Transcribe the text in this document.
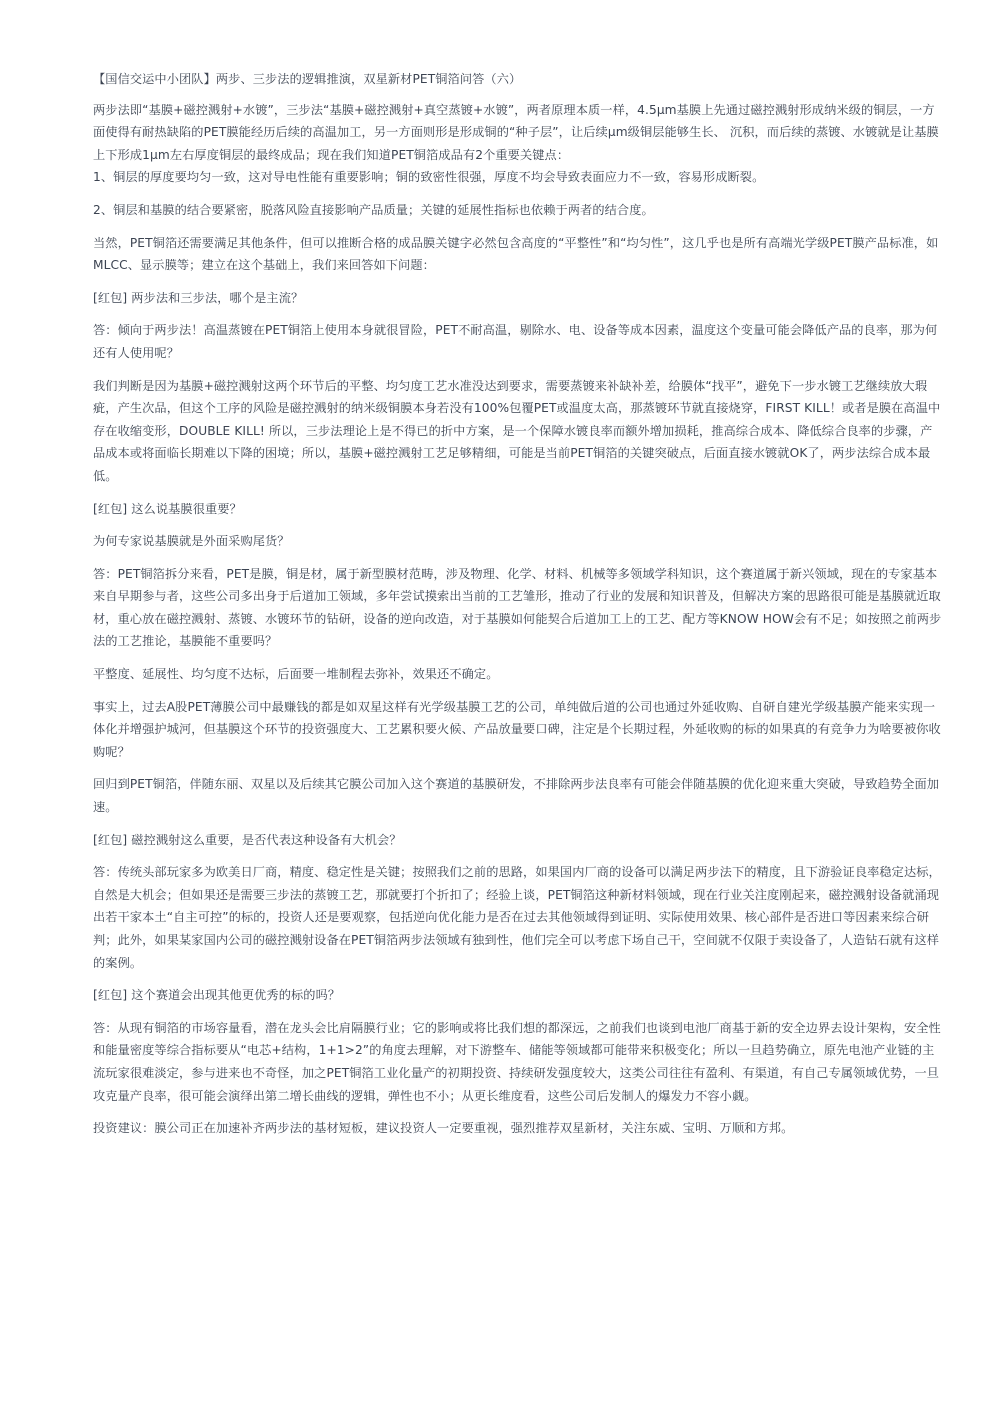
【国信交运中小团队】两步、三步法的逻辑推演，双星新材PET铜箔问答（六）

两步法即“基膜+磁控溅射+水镀”，三步法“基膜+磁控溅射+真空蒸镀+水镀”，两者原理本质一样，4.5μm基膜上先通过磁控溅射形成纳米级的铜层，一方面使得有耐热缺陷的PET膜能经历后续的高温加工，另一方面则形是形成铜的“种子层”，让后续μm级铜层能够生长、 沉积，而后续的蒸镀、水镀就是让基膜上下形成1μm左右厚度铜层的最终成品；现在我们知道PET铜箔成品有2个重要关键点：

1、铜层的厚度要均匀一致，这对导电性能有重要影响；铜的致密性很强，厚度不均会导致表面应力不一致，容易形成断裂。

2、铜层和基膜的结合要紧密，脱落风险直接影响产品质量；关键的延展性指标也依赖于两者的结合度。

当然，PET铜箔还需要满足其他条件，但可以推断合格的成品膜关键字必然包含高度的“平整性”和“均匀性”，这几乎也是所有高端光学级PET膜产品标准，如MLCC、显示膜等；建立在这个基础上，我们来回答如下问题：

[红包] 两步法和三步法，哪个是主流？

答：倾向于两步法！高温蒸镀在PET铜箔上使用本身就很冒险，PET不耐高温，剔除水、电、设备等成本因素，温度这个变量可能会降低产品的良率，那为何还有人使用呢？

我们判断是因为基膜+磁控溅射这两个环节后的平整、均匀度工艺水准没达到要求，需要蒸镀来补缺补差，给膜体“找平”，避免下一步水镀工艺继续放大瑕疵，产生次品，但这个工序的风险是磁控溅射的纳米级铜膜本身若没有100%包覆PET或温度太高，那蒸镀环节就直接烧穿，FIRST KILL！或者是膜在高温中存在收缩变形，DOUBLE KILL! 所以，三步法理论上是不得已的折中方案，是一个保障水镀良率而额外增加损耗，推高综合成本、降低综合良率的步骤，产品成本或将面临长期难以下降的困境；所以，基膜+磁控溅射工艺足够精细，可能是当前PET铜箔的关键突破点，后面直接水镀就OK了，两步法综合成本最低。

[红包] 这么说基膜很重要？

为何专家说基膜就是外面采购尾货？

答：PET铜箔拆分来看，PET是膜，铜是材，属于新型膜材范畴，涉及物理、化学、材料、机械等多领域学科知识，这个赛道属于新兴领域，现在的专家基本来自早期参与者，这些公司多出身于后道加工领域，多年尝试摸索出当前的工艺雏形，推动了行业的发展和知识普及，但解决方案的思路很可能是基膜就近取材，重心放在磁控溅射、蒸镀、水镀环节的钻研，设备的逆向改造，对于基膜如何能契合后道加工上的工艺、配方等KNOW HOW会有不足；如按照之前两步法的工艺推论，基膜能不重要吗？

平整度、延展性、均匀度不达标，后面要一堆制程去弥补，效果还不确定。

事实上，过去A股PET薄膜公司中最赚钱的都是如双星这样有光学级基膜工艺的公司，单纯做后道的公司也通过外延收购、自研自建光学级基膜产能来实现一体化并增强护城河，但基膜这个环节的投资强度大、工艺累积要火候、产品放量要口碑，注定是个长期过程，外延收购的标的如果真的有竞争力为啥要被你收购呢？

回归到PET铜箔，伴随东丽、双星以及后续其它膜公司加入这个赛道的基膜研发，不排除两步法良率有可能会伴随基膜的优化迎来重大突破，导致趋势全面加速。

[红包] 磁控溅射这么重要，是否代表这种设备有大机会？

答：传统头部玩家多为欧美日厂商，精度、稳定性是关键；按照我们之前的思路，如果国内厂商的设备可以满足两步法下的精度，且下游验证良率稳定达标，自然是大机会；但如果还是需要三步法的蒸镀工艺，那就要打个折扣了；经验上谈，PET铜箔这种新材料领域，现在行业关注度刚起来，磁控溅射设备就涌现出若干家本土“自主可控”的标的，投资人还是要观察，包括逆向优化能力是否在过去其他领域得到证明、实际使用效果、核心部件是否进口等因素来综合研判；此外，如果某家国内公司的磁控溅射设备在PET铜箔两步法领域有独到性，他们完全可以考虑下场自己干，空间就不仅限于卖设备了，人造钻石就有这样的案例。

[红包] 这个赛道会出现其他更优秀的标的吗？

答：从现有铜箔的市场容量看，潜在龙头会比肩隔膜行业；它的影响或将比我们想的都深远，之前我们也谈到电池厂商基于新的安全边界去设计架构，安全性和能量密度等综合指标要从“电芯+结构，1+1>2”的角度去理解，对下游整车、储能等领域都可能带来积极变化；所以一旦趋势确立，原先电池产业链的主流玩家很难淡定，参与进来也不奇怪，加之PET铜箔工业化量产的初期投资、持续研发强度较大，这类公司往往有盈利、有渠道，有自己专属领域优势，一旦攻克量产良率，很可能会演绎出第二增长曲线的逻辑，弹性也不小；从更长维度看，这些公司后发制人的爆发力不容小觑。

投资建议：膜公司正在加速补齐两步法的基材短板，建议投资人一定要重视，强烈推荐双星新材，关注东威、宝明、万顺和方邦。
